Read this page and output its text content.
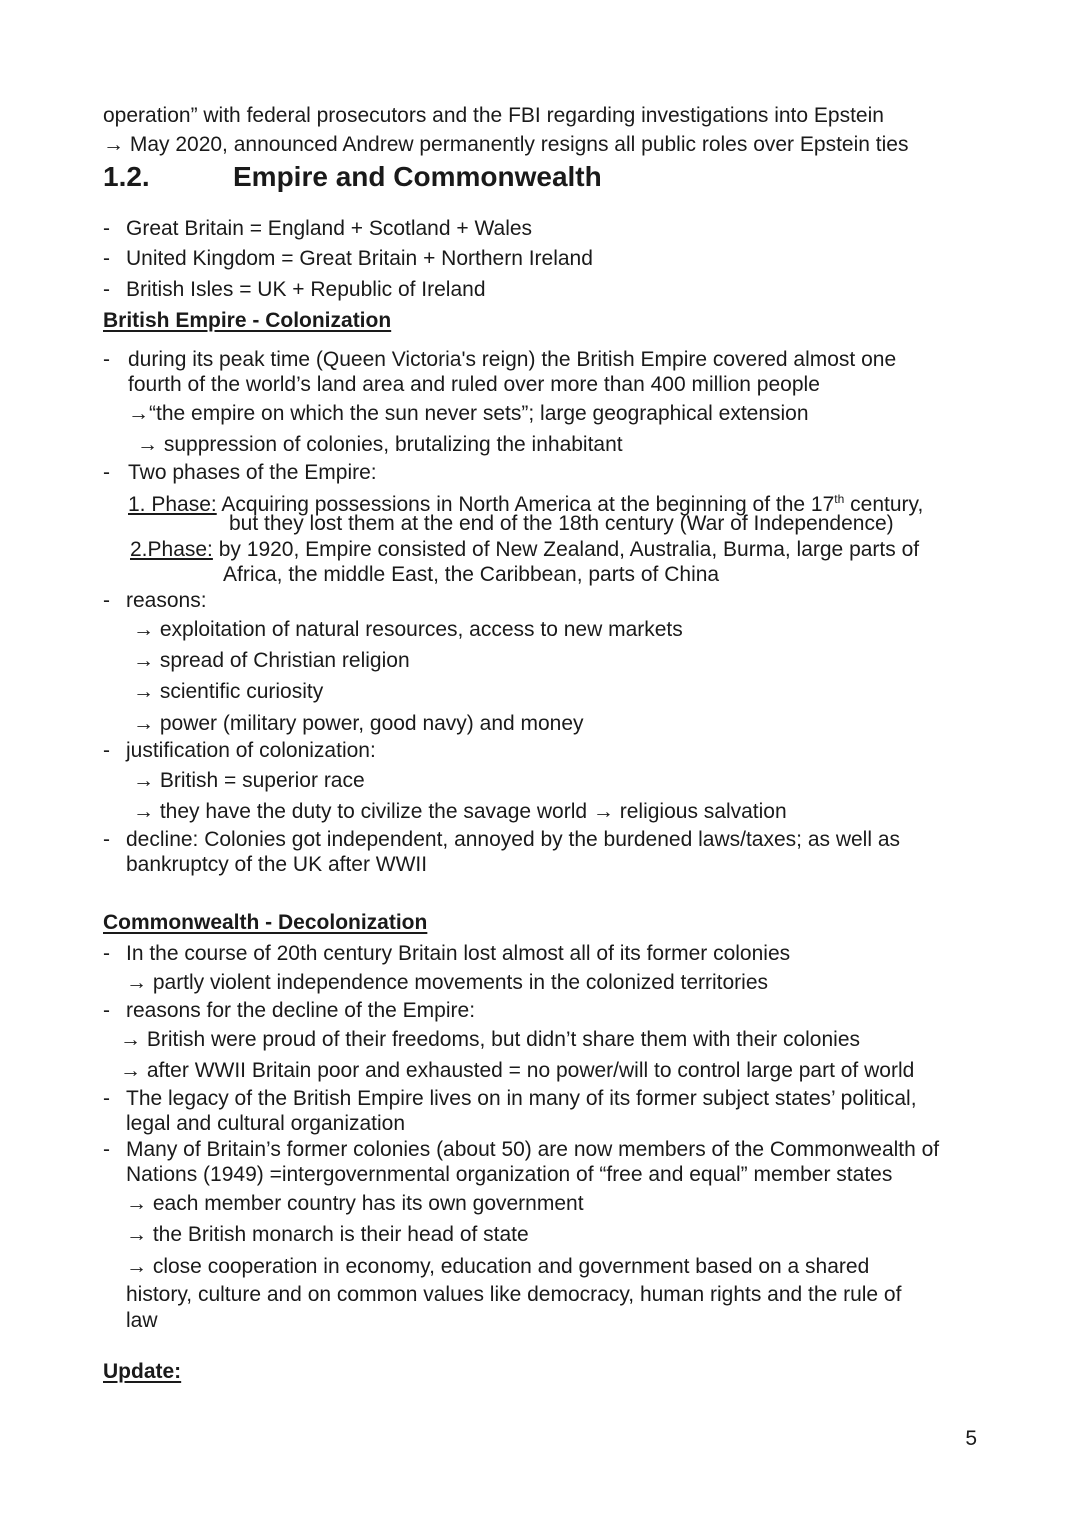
operation” with federal prosecutors and the FBI regarding investigations into Epstein
→ May 2020, announced Andrew permanently resigns all public roles over Epstein ties
1.2.	Empire and Commonwealth
- Great Britain = England + Scotland + Wales
- United Kingdom = Great Britain + Northern Ireland
- British Isles = UK + Republic of Ireland
British Empire - Colonization
- during its peak time (Queen Victoria's reign) the British Empire covered almost one
fourth of the world’s land area and ruled over more than 400 million people
→“the empire on which the sun never sets”; large geographical extension
→ suppression of colonies, brutalizing the inhabitant
- Two phases of the Empire:
1. Phase: Acquiring possessions in North America at the beginning of the 17th century,
but they lost them at the end of the 18th century (War of Independence)
2.Phase: by 1920, Empire consisted of New Zealand, Australia, Burma, large parts of
Africa, the middle East, the Caribbean, parts of China
- reasons:
→ exploitation of natural resources, access to new markets
→ spread of Christian religion
→ scientific curiosity
→ power (military power, good navy) and money
- justification of colonization:
→ British = superior race
→ they have the duty to civilize the savage world → religious salvation
- decline: Colonies got independent, annoyed by the burdened laws/taxes; as well as
bankruptcy of the UK after WWII
Commonwealth - Decolonization
- In the course of 20th century Britain lost almost all of its former colonies
→ partly violent independence movements in the colonized territories
- reasons for the decline of the Empire:
→ British were proud of their freedoms, but didn’t share them with their colonies
→ after WWII Britain poor and exhausted = no power/will to control large part of world
- The legacy of the British Empire lives on in many of its former subject states’ political,
legal and cultural organization
- Many of Britain’s former colonies (about 50) are now members of the Commonwealth of
Nations (1949) =intergovernmental organization of “free and equal” member states
→ each member country has its own government
→ the British monarch is their head of state
→ close cooperation in economy, education and government based on a shared
history, culture and on common values like democracy, human rights and the rule of
law
Update:
5
